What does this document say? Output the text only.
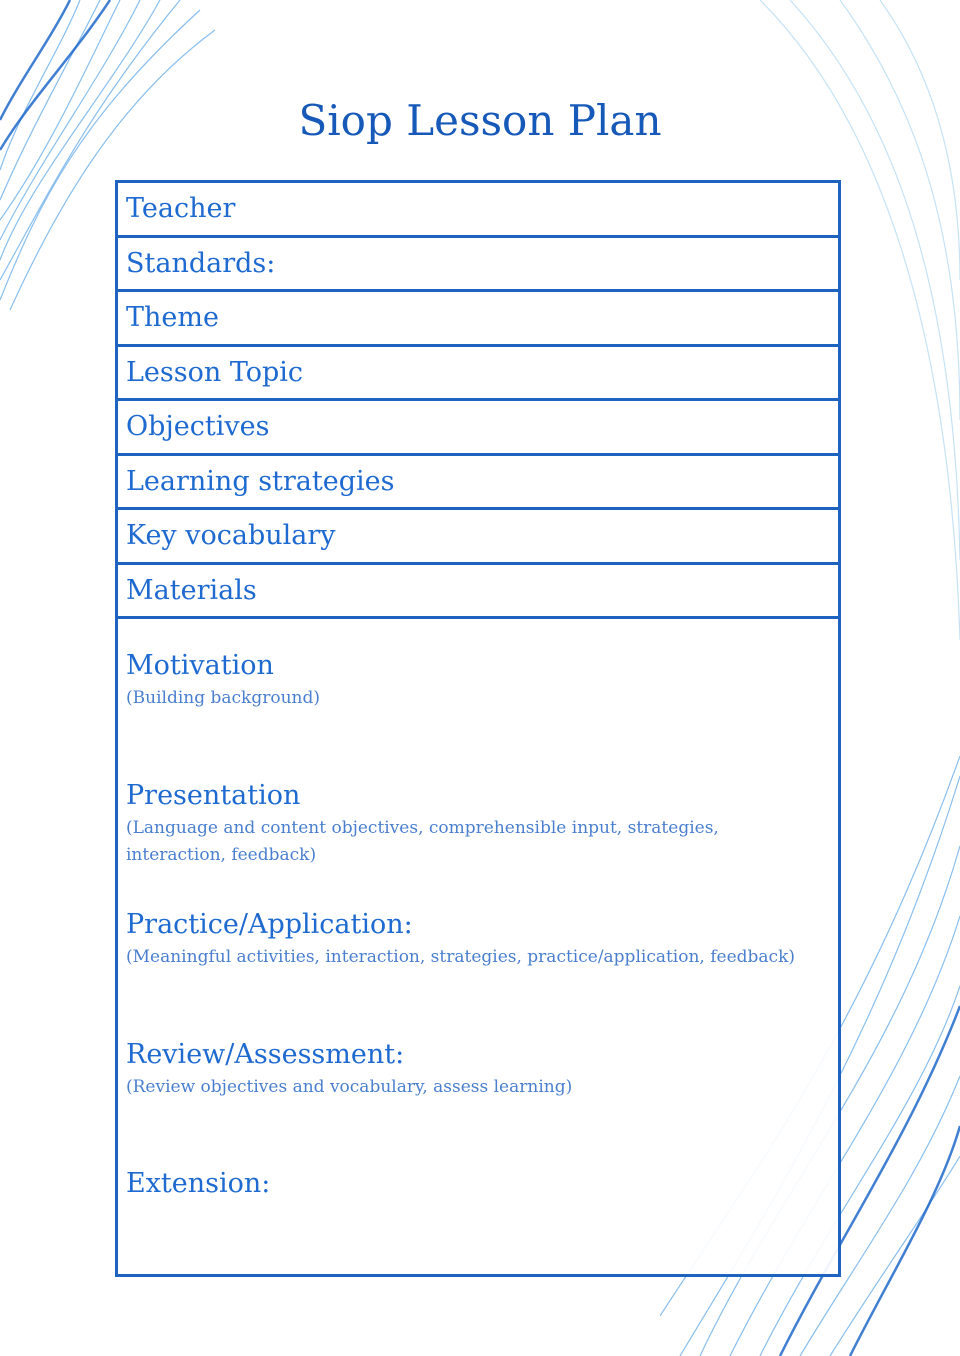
Siop Lesson Plan
Teacher
Standards:
Theme
Lesson Topic
Objectives
Learning strategies
Key vocabulary
Materials
Motivation
(Building background)
Presentation
(Language and content objectives, comprehensible input, strategies, interaction, feedback)
Practice/Application:
(Meaningful activities, interaction, strategies, practice/application, feedback)
Review/Assessment:
(Review objectives and vocabulary, assess learning)
Extension:
